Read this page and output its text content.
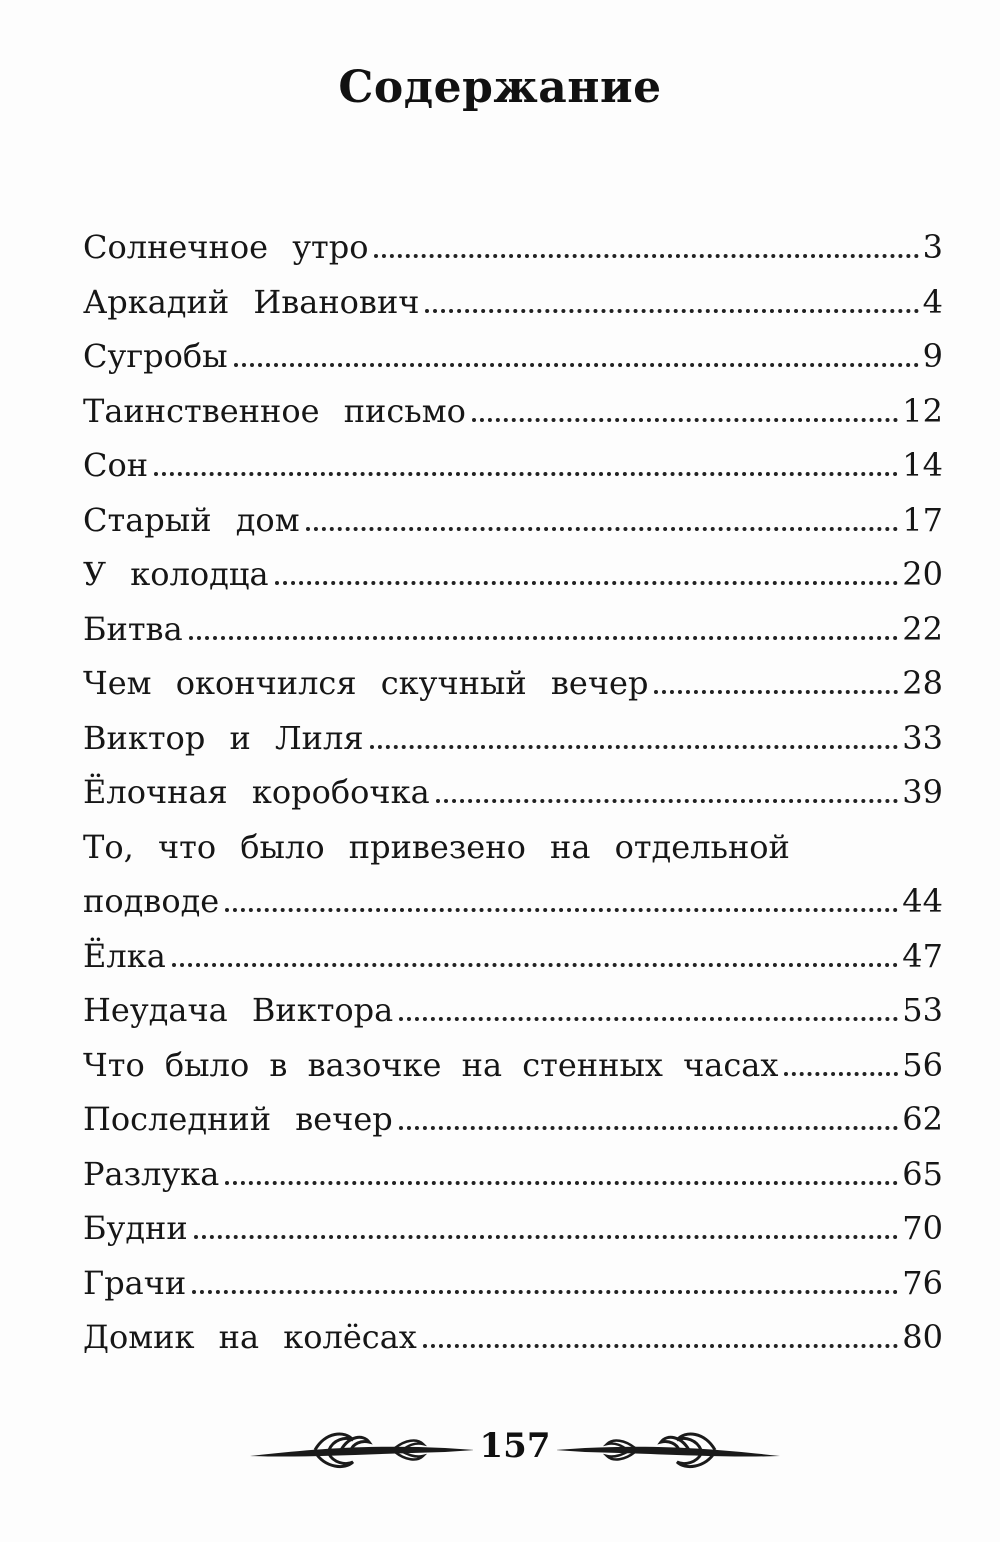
Содержание
Солнечное утро	3
Аркадий Иванович	4
Сугробы	9
Таинственное письмо	12
Сон	14
Старый дом	17
У колодца	20
Битва	22
Чем окончился скучный вечер	28
Виктор и Лиля	33
Ёлочная коробочка	39
То, что было привезено на отдельной
подводе	44
Ёлка	47
Неудача Виктора	53
Что было в вазочке на стенных часах	56
Последний вечер	62
Разлука	65
Будни	70
Грачи	76
Домик на колёсах	80
157
